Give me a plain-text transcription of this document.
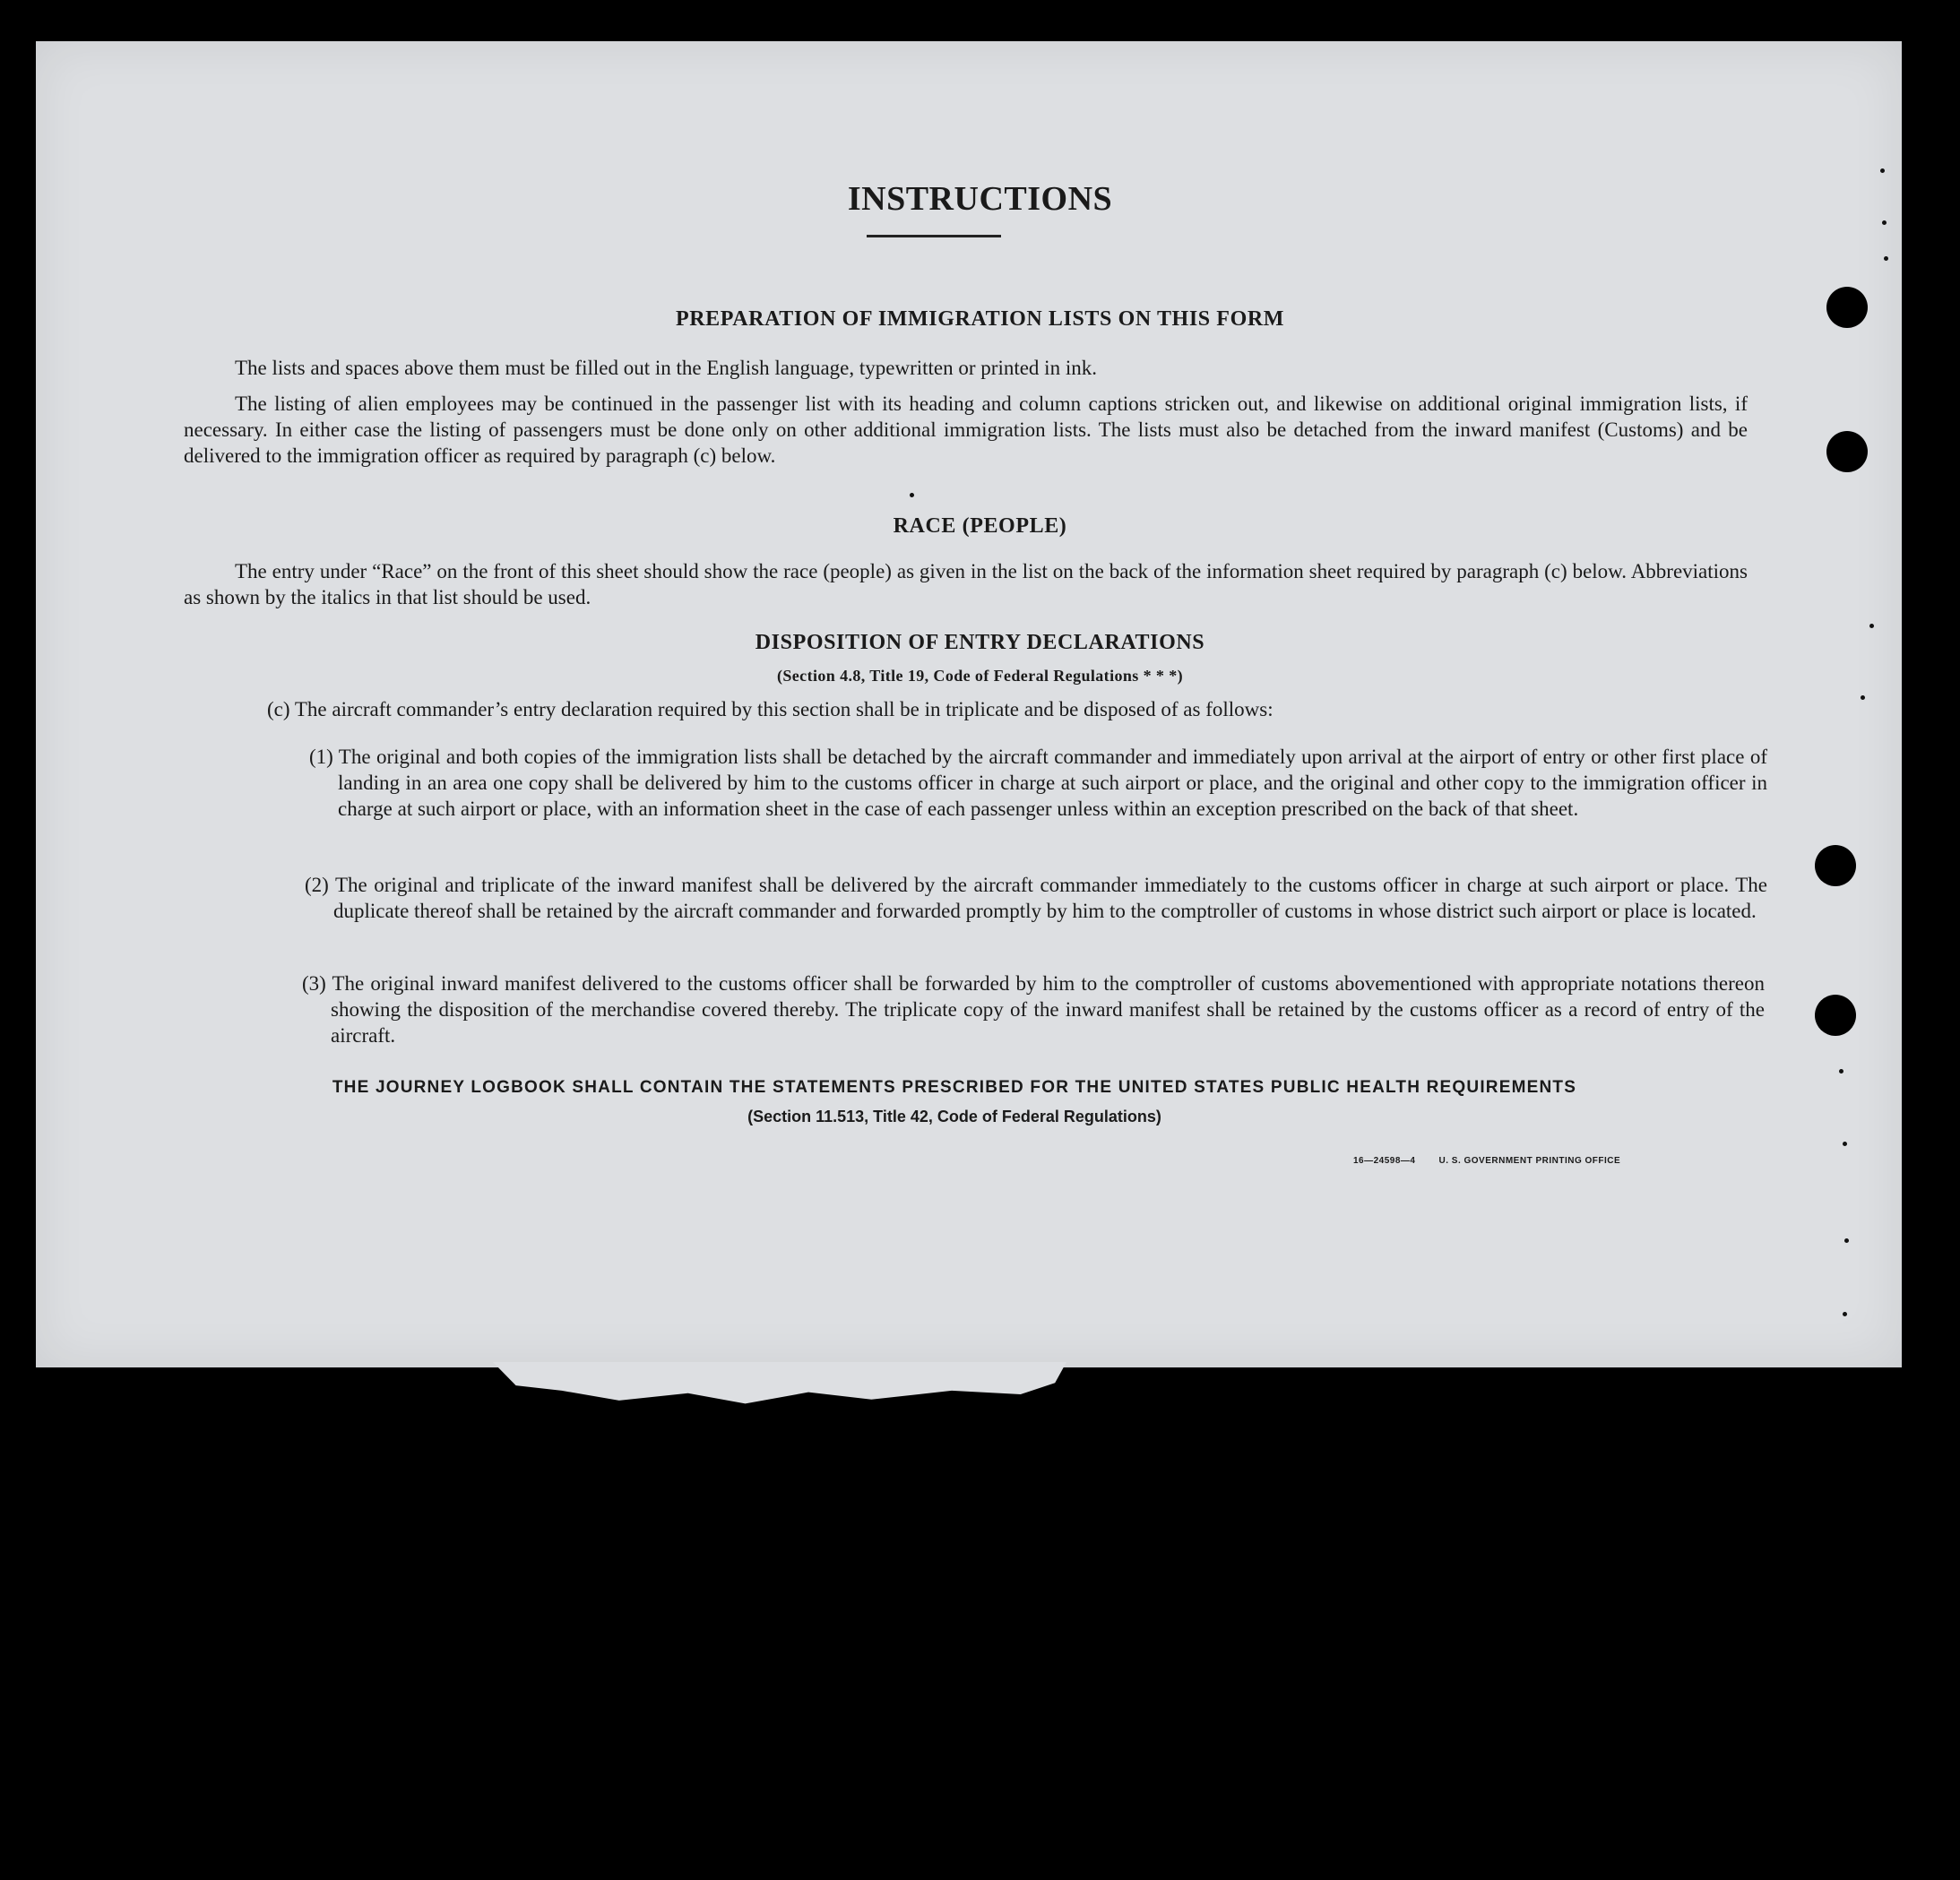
INSTRUCTIONS
PREPARATION OF IMMIGRATION LISTS ON THIS FORM
The lists and spaces above them must be filled out in the English language, typewritten or printed in ink.
The listing of alien employees may be continued in the passenger list with its heading and column captions stricken out, and likewise on additional original immigration lists, if necessary. In either case the listing of passengers must be done only on other additional immigration lists. The lists must also be detached from the inward manifest (Customs) and be delivered to the immigration officer as required by paragraph (c) below.
RACE (PEOPLE)
The entry under “Race” on the front of this sheet should show the race (people) as given in the list on the back of the information sheet required by paragraph (c) below. Abbreviations as shown by the italics in that list should be used.
DISPOSITION OF ENTRY DECLARATIONS
(Section 4.8, Title 19, Code of Federal Regulations * * *)
(c) The aircraft commander’s entry declaration required by this section shall be in triplicate and be disposed of as follows:
(1) The original and both copies of the immigration lists shall be detached by the aircraft commander and immediately upon arrival at the airport of entry or other first place of landing in an area one copy shall be delivered by him to the customs officer in charge at such airport or place, and the original and other copy to the immigration officer in charge at such airport or place, with an information sheet in the case of each passenger unless within an exception prescribed on the back of that sheet.
(2) The original and triplicate of the inward manifest shall be delivered by the aircraft commander immediately to the customs officer in charge at such airport or place. The duplicate thereof shall be retained by the aircraft commander and forwarded promptly by him to the comptroller of customs in whose district such airport or place is located.
(3) The original inward manifest delivered to the customs officer shall be forwarded by him to the comptroller of customs abovementioned with appropriate notations thereon showing the disposition of the merchandise covered thereby. The triplicate copy of the inward manifest shall be retained by the customs officer as a record of entry of the aircraft.
THE JOURNEY LOGBOOK SHALL CONTAIN THE STATEMENTS PRESCRIBED FOR THE UNITED STATES PUBLIC HEALTH REQUIREMENTS
(Section 11.513, Title 42, Code of Federal Regulations)
16—24598—4	U. S. GOVERNMENT PRINTING OFFICE
